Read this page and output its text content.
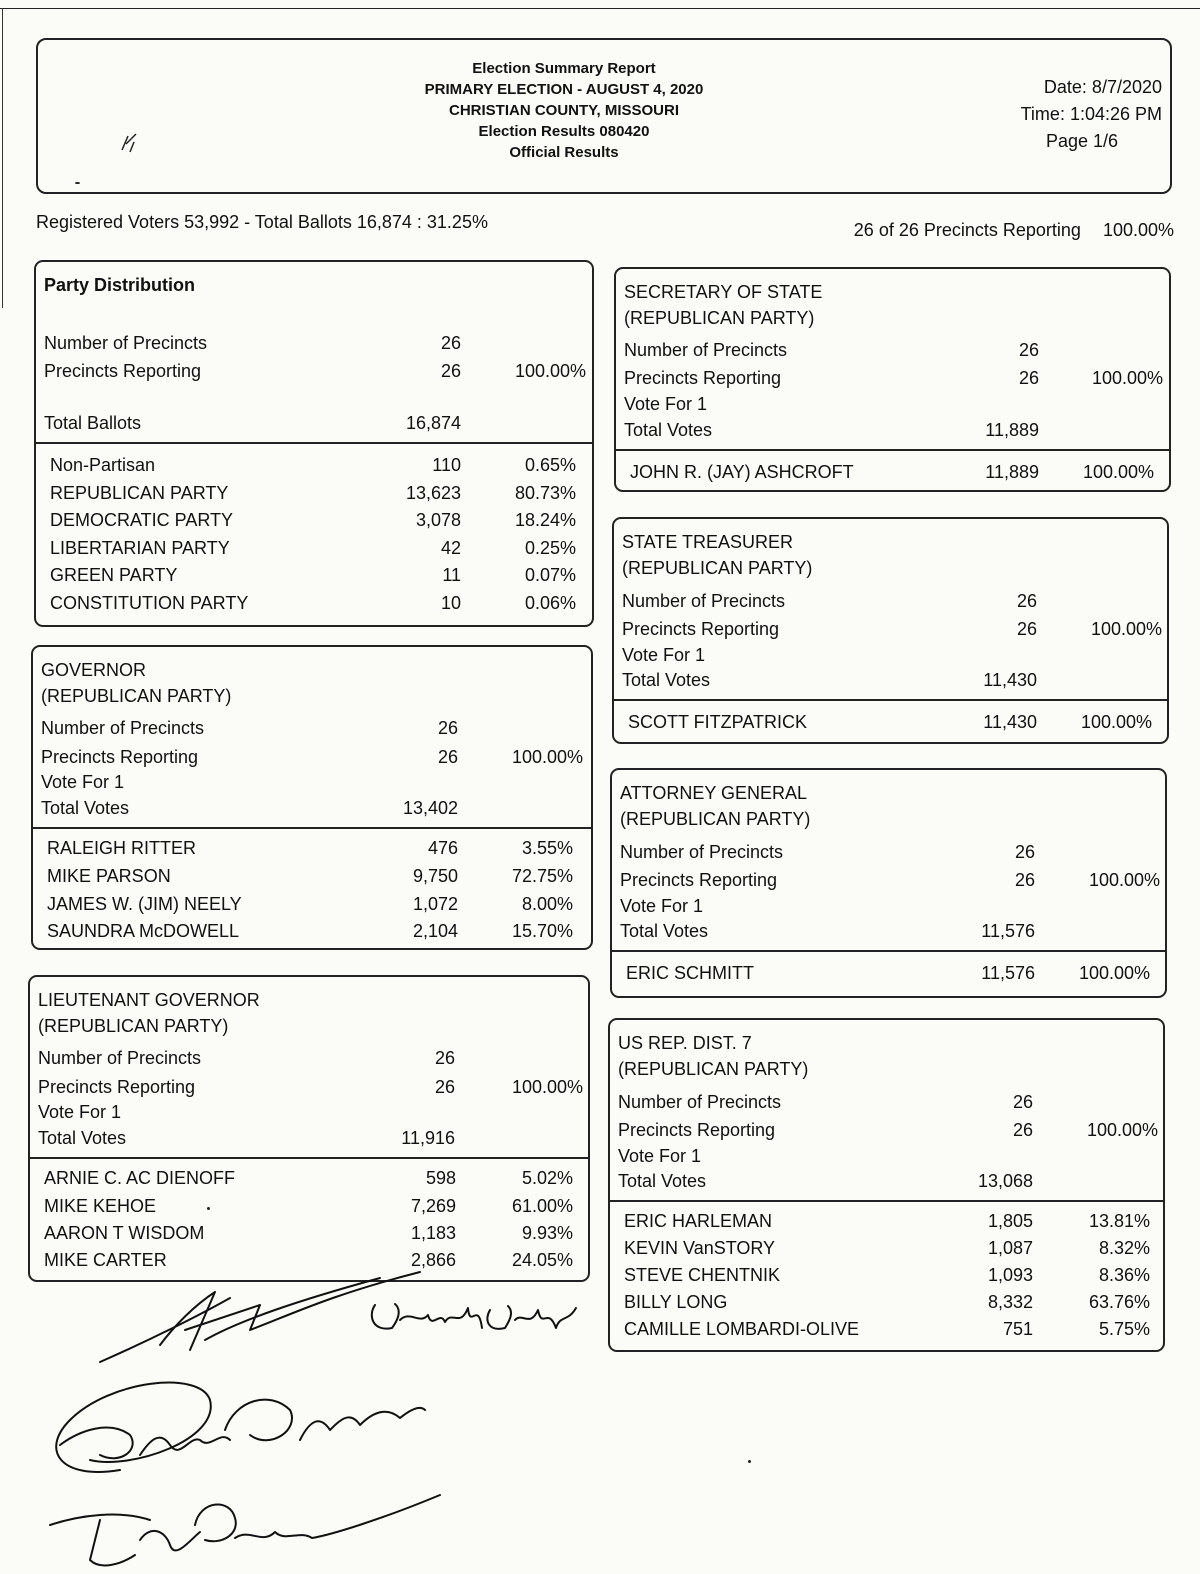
Election Summary Report
PRIMARY ELECTION - AUGUST 4, 2020
CHRISTIAN COUNTY, MISSOURI
Election Results 080420
Official Results
Date: 8/7/2020
Time: 1:04:26 PM
Page 1/6
Registered Voters 53,992 - Total Ballots 16,874 : 31.25%	26 of 26 Precincts Reporting 100.00%
Party Distribution
Number of Precincts	26
Precincts Reporting	26	100.00%
Total Ballots	16,874
Non-Partisan	110	0.65%
REPUBLICAN PARTY	13,623	80.73%
DEMOCRATIC PARTY	3,078	18.24%
LIBERTARIAN PARTY	42	0.25%
GREEN PARTY	11	0.07%
CONSTITUTION PARTY	10	0.06%
GOVERNOR
(REPUBLICAN PARTY)
Number of Precincts	26
Precincts Reporting	26	100.00%
Vote For 1
Total Votes	13,402
RALEIGH RITTER	476	3.55%
MIKE PARSON	9,750	72.75%
JAMES W. (JIM) NEELY	1,072	8.00%
SAUNDRA McDOWELL	2,104	15.70%
LIEUTENANT GOVERNOR
(REPUBLICAN PARTY)
Number of Precincts	26
Precincts Reporting	26	100.00%
Vote For 1
Total Votes	11,916
ARNIE C. AC DIENOFF	598	5.02%
MIKE KEHOE	7,269	61.00%
AARON T WISDOM	1,183	9.93%
MIKE CARTER	2,866	24.05%
SECRETARY OF STATE
(REPUBLICAN PARTY)
Number of Precincts	26
Precincts Reporting	26	100.00%
Vote For 1
Total Votes	11,889
JOHN R. (JAY) ASHCROFT	11,889	100.00%
STATE TREASURER
(REPUBLICAN PARTY)
Number of Precincts	26
Precincts Reporting	26	100.00%
Vote For 1
Total Votes	11,430
SCOTT FITZPATRICK	11,430	100.00%
ATTORNEY GENERAL
(REPUBLICAN PARTY)
Number of Precincts	26
Precincts Reporting	26	100.00%
Vote For 1
Total Votes	11,576
ERIC SCHMITT	11,576	100.00%
US REP. DIST. 7
(REPUBLICAN PARTY)
Number of Precincts	26
Precincts Reporting	26	100.00%
Vote For 1
Total Votes	13,068
ERIC HARLEMAN	1,805	13.81%
KEVIN VanSTORY	1,087	8.32%
STEVE CHENTNIK	1,093	8.36%
BILLY LONG	8,332	63.76%
CAMILLE LOMBARDI-OLIVE	751	5.75%
